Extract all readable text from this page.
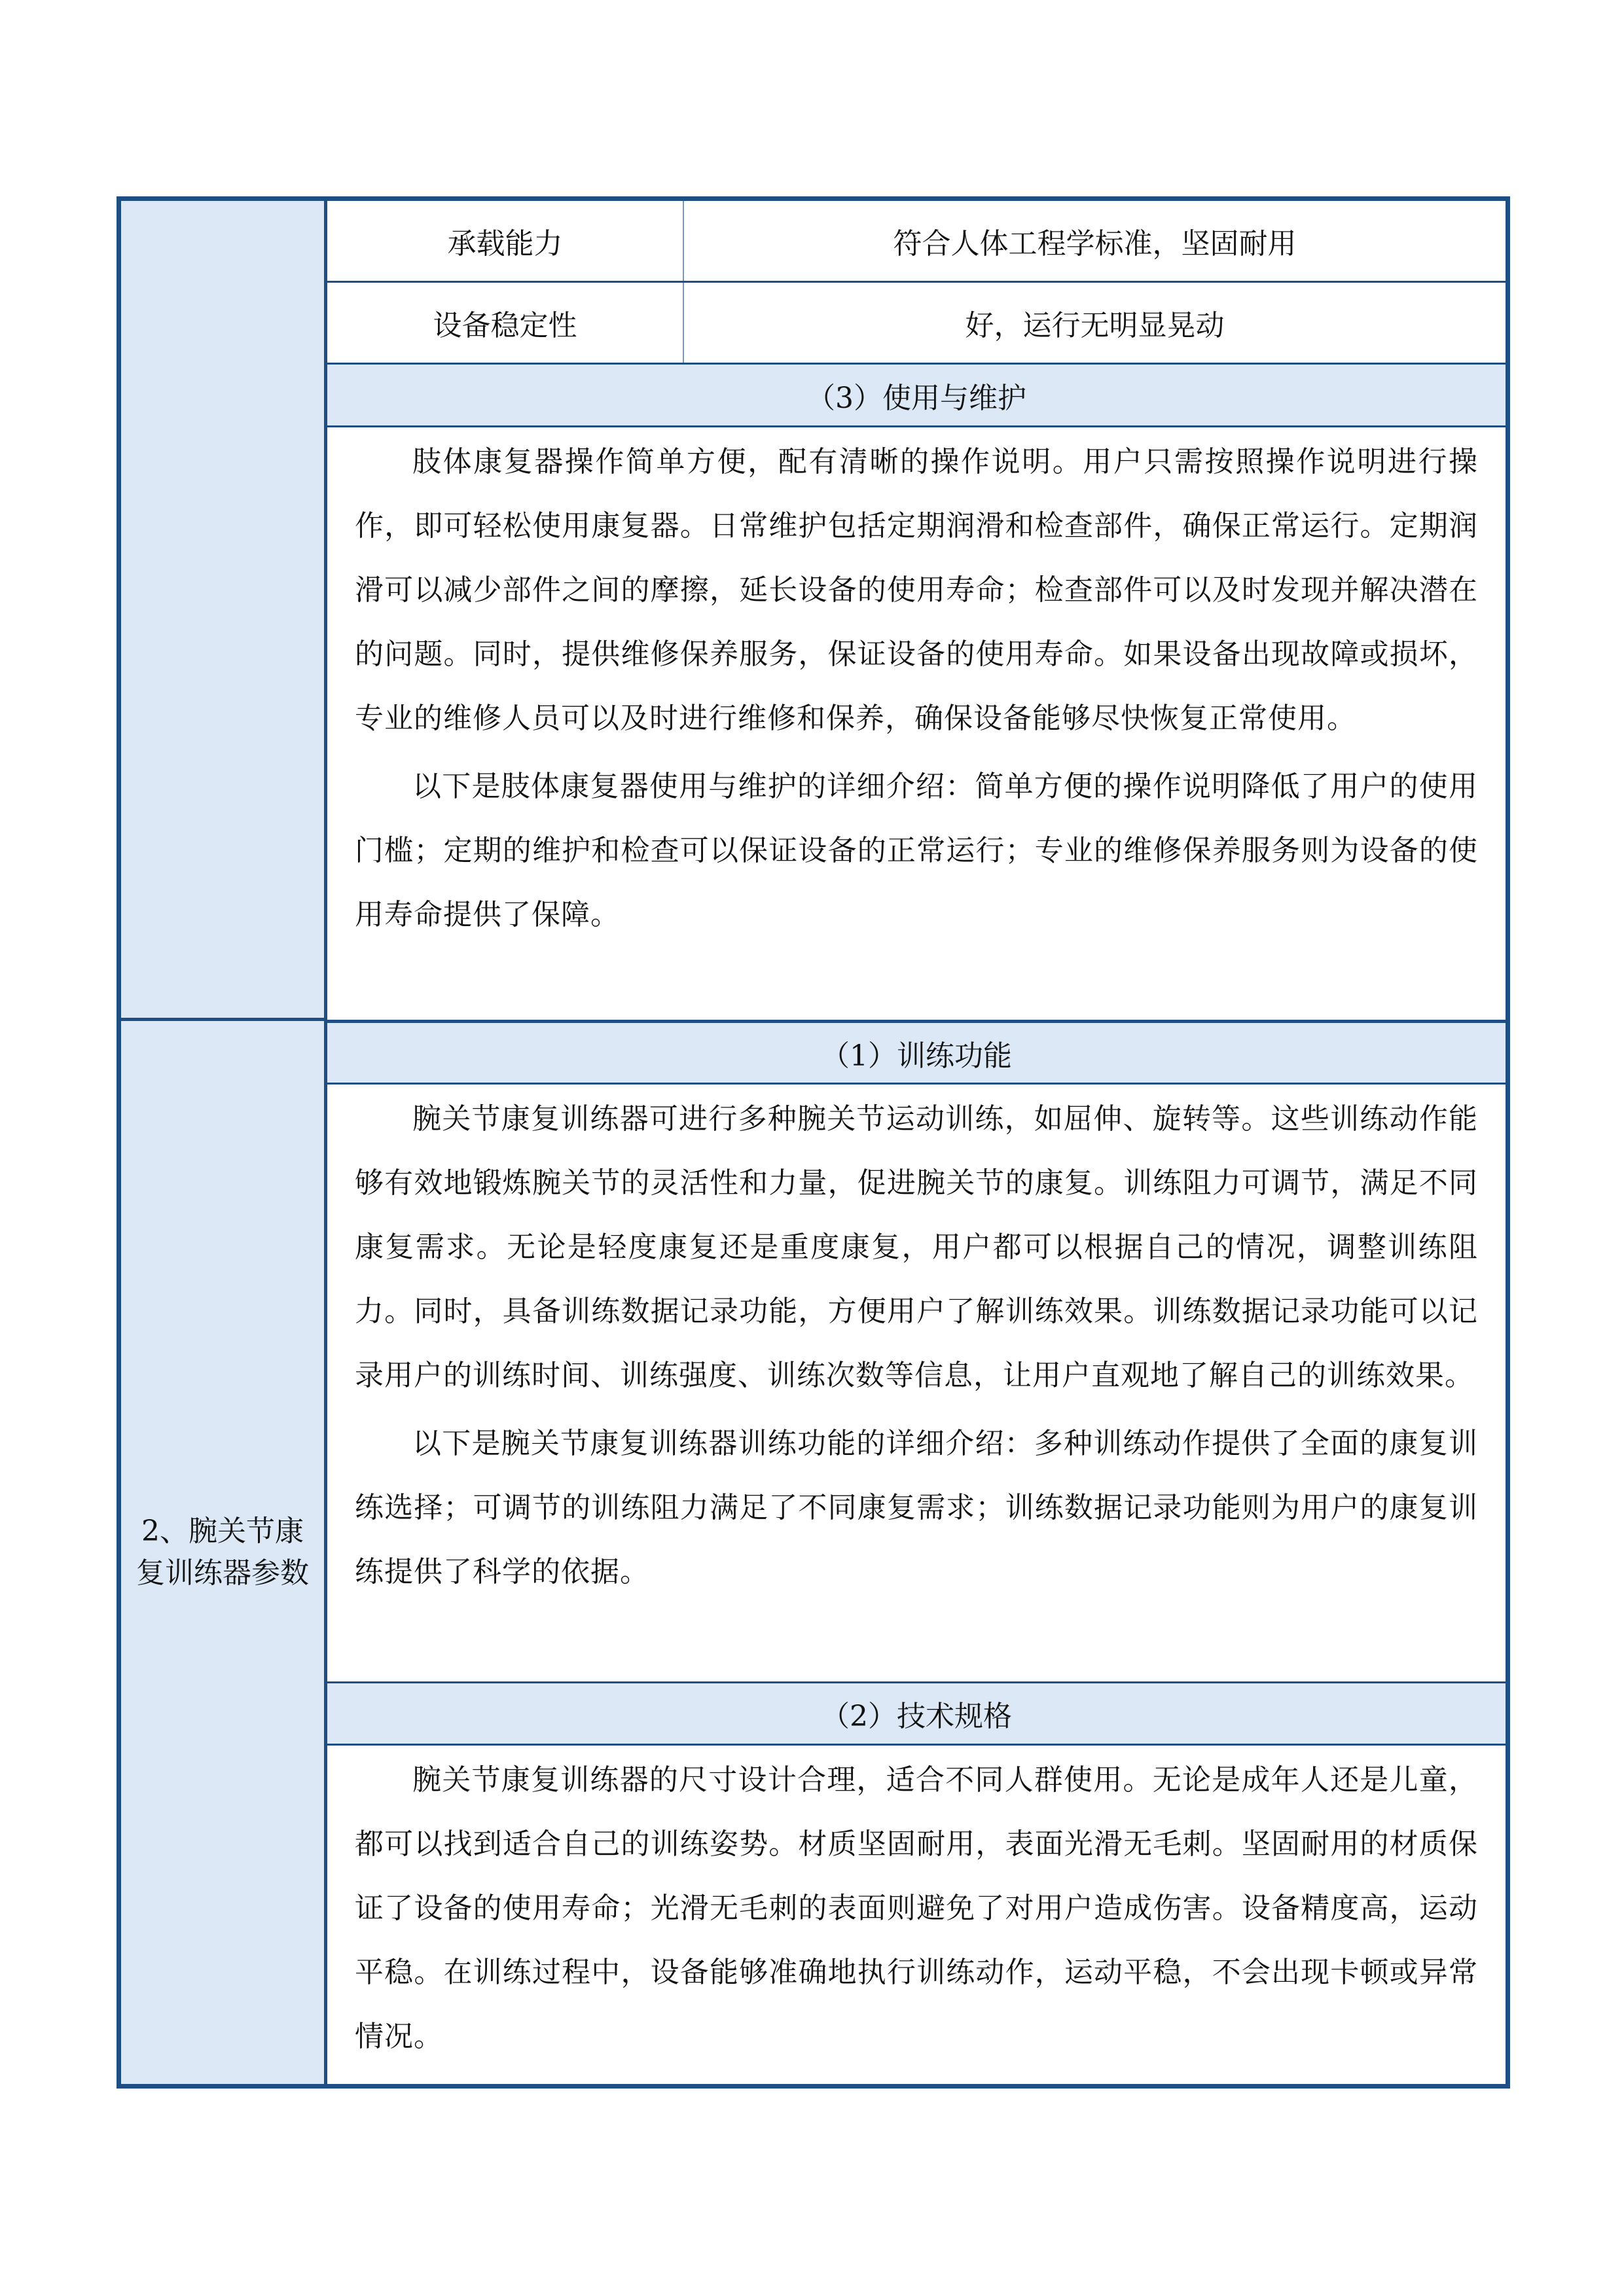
承载能力	符合人体工程学标准，坚固耐用
设备稳定性	好，运行无明显晃动
（3）使用与维护

肢体康复器操作简单方便，配有清晰的操作说明。用户只需按照操作说明进行操作，即可轻松使用康复器。日常维护包括定期润滑和检查部件，确保正常运行。定期润滑可以减少部件之间的摩擦，延长设备的使用寿命；检查部件可以及时发现并解决潜在的问题。同时，提供维修保养服务，保证设备的使用寿命。如果设备出现故障或损坏，专业的维修人员可以及时进行维修和保养，确保设备能够尽快恢复正常使用。

以下是肢体康复器使用与维护的详细介绍：简单方便的操作说明降低了用户的使用门槛；定期的维护和检查可以保证设备的正常运行；专业的维修保养服务则为设备的使用寿命提供了保障。

2、腕关节康复训练器参数
（1）训练功能

腕关节康复训练器可进行多种腕关节运动训练，如屈伸、旋转等。这些训练动作能够有效地锻炼腕关节的灵活性和力量，促进腕关节的康复。训练阻力可调节，满足不同康复需求。无论是轻度康复还是重度康复，用户都可以根据自己的情况，调整训练阻力。同时，具备训练数据记录功能，方便用户了解训练效果。训练数据记录功能可以记录用户的训练时间、训练强度、训练次数等信息，让用户直观地了解自己的训练效果。

以下是腕关节康复训练器训练功能的详细介绍：多种训练动作提供了全面的康复训练选择；可调节的训练阻力满足了不同康复需求；训练数据记录功能则为用户的康复训练提供了科学的依据。

（2）技术规格

腕关节康复训练器的尺寸设计合理，适合不同人群使用。无论是成年人还是儿童，都可以找到适合自己的训练姿势。材质坚固耐用，表面光滑无毛刺。坚固耐用的材质保证了设备的使用寿命；光滑无毛刺的表面则避免了对用户造成伤害。设备精度高，运动平稳。在训练过程中，设备能够准确地执行训练动作，运动平稳，不会出现卡顿或异常情况。
